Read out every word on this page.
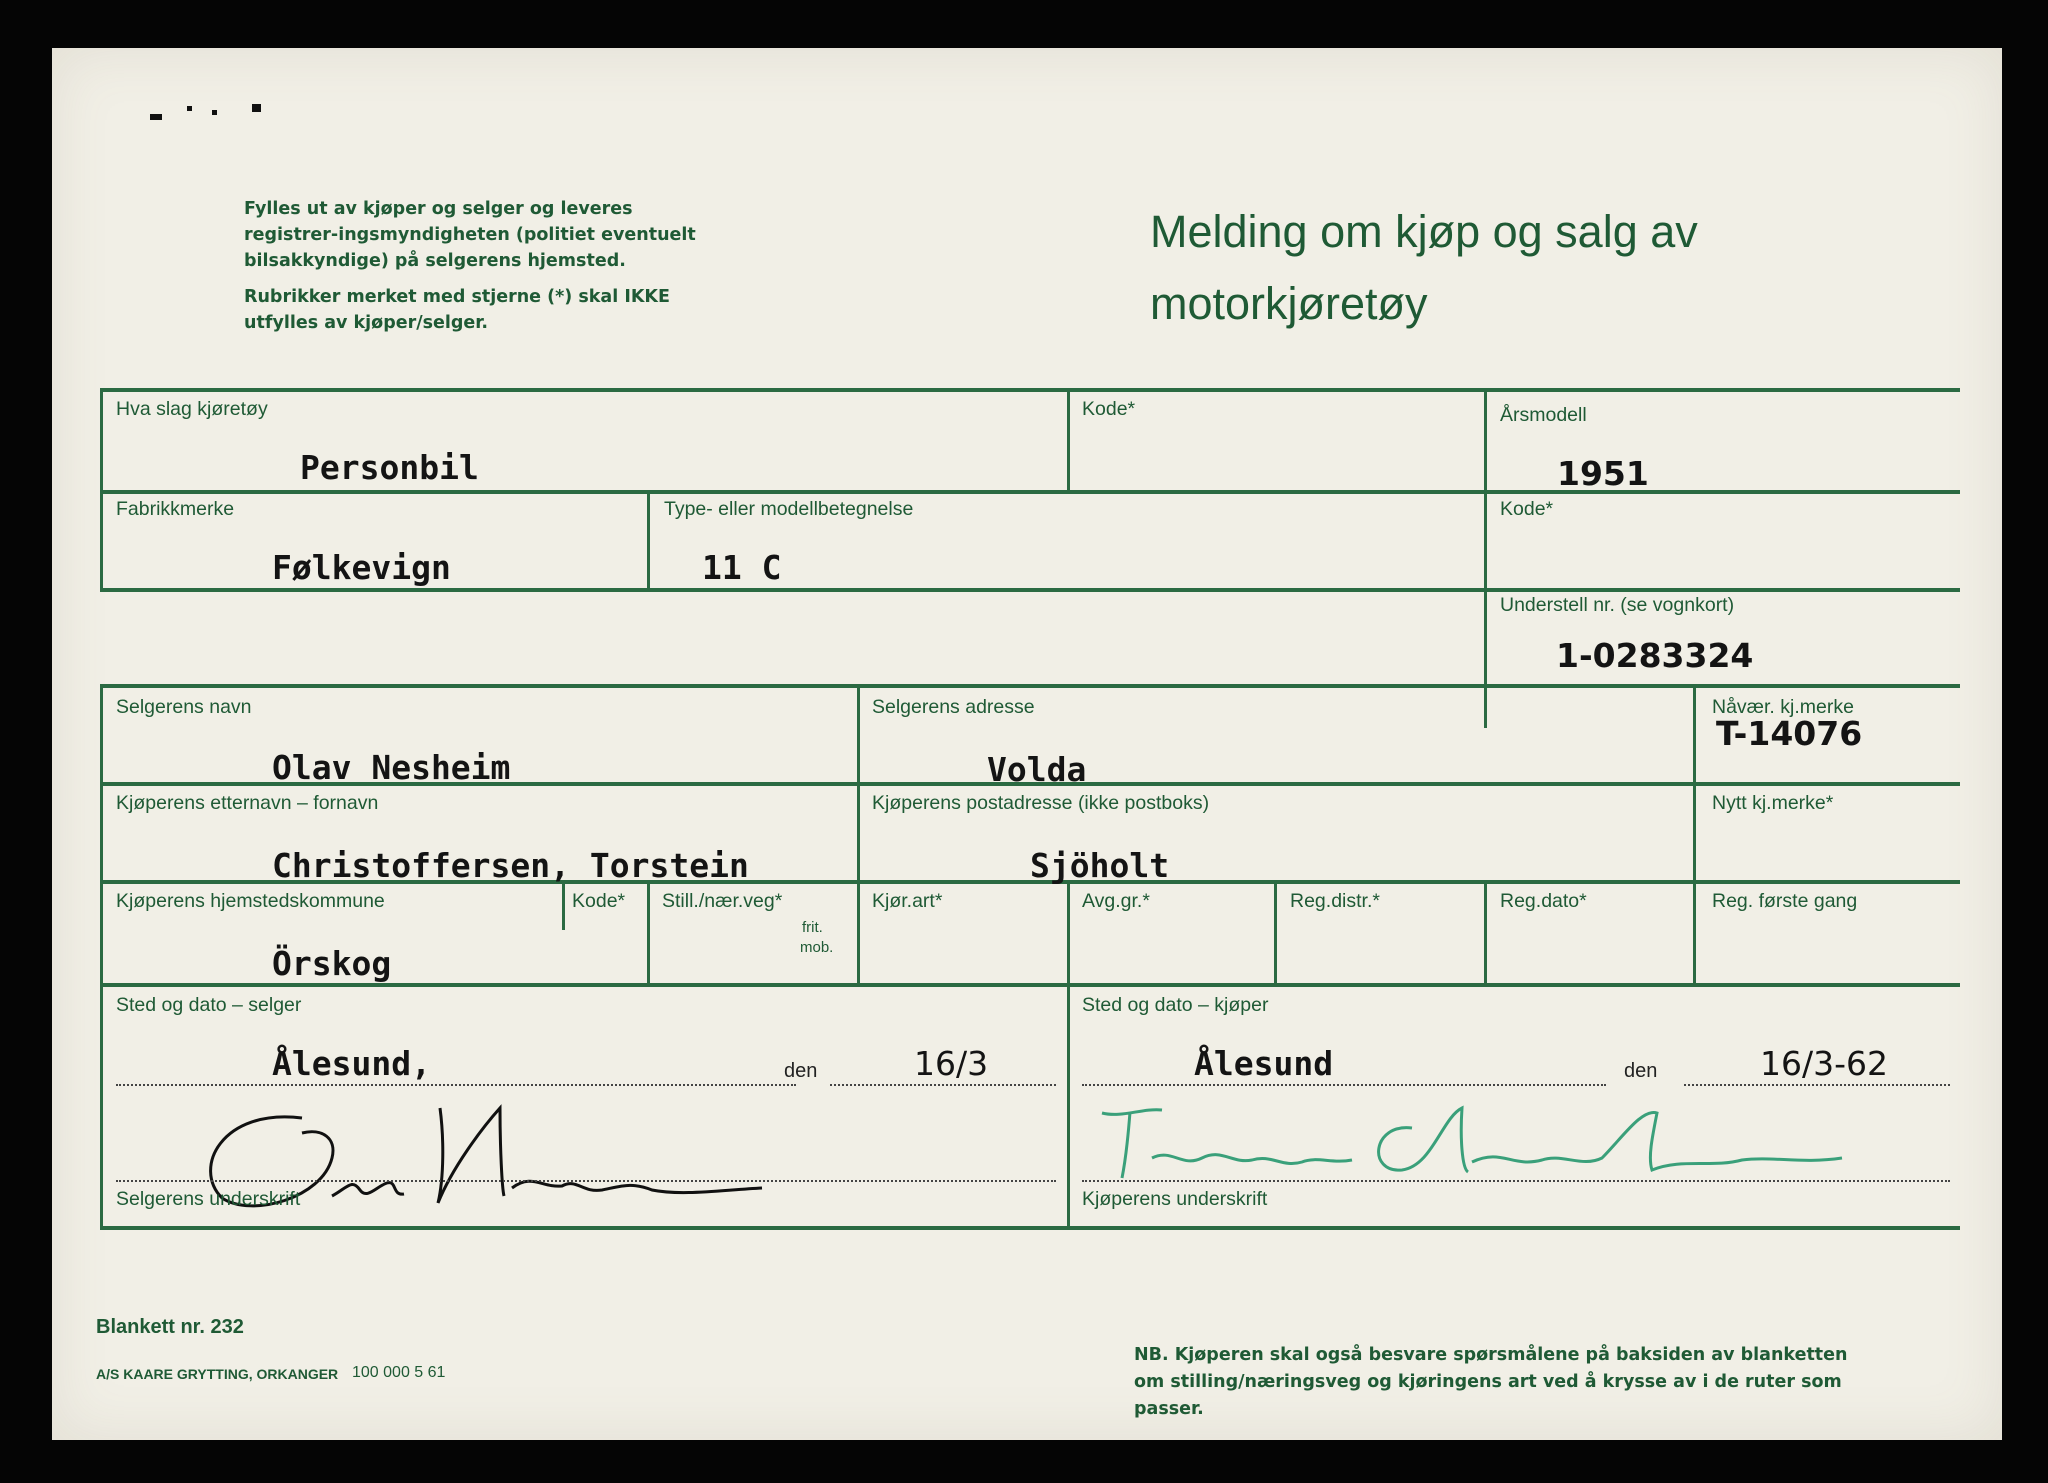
Fylles ut av kjøper og selger og leveres registrer-ingsmyndigheten (politiet eventuelt bilsakkyndige) på selgerens hjemsted.

Rubrikker merket med stjerne (*) skal IKKE utfylles av kjøper/selger.

Melding om kjøp og salg av
motorkjøretøy
Hva slag kjøretøy
Personbil
Kode*	Årsmodell
1951
Fabrikkmerke
Følkevign
Type- eller modellbetegnelse
11 C
Kode*
Understell nr. (se vognkort)
1-0283324
Selgerens navn
Olav Nesheim
Selgerens adresse
Volda
Nåvær. kj.merke
T-14076
Kjøperens etternavn – fornavn
Christoffersen, Torstein
Kjøperens postadresse (ikke postboks)
Sjöholt
Nytt kj.merke*
Kjøperens hjemstedskommune
Örskog
Kode* Still./nær.veg*
frit.
mob.
Kjør.art*	Avg.gr.*	Reg.distr.*	Reg.dato*	Reg. første gang
Sted og dato – selger
Ålesund,	den	16/3
Sted og dato – kjøper
Ålesund	den	16/3-62
Selgerens underskrift	Kjøperens underskrift
Blankett nr. 232
A/S KAARE GRYTTING, ORKANGER 100 000 5 61
NB. Kjøperen skal også besvare spørsmålene på baksiden av blanketten om stilling/næringsveg og kjøringens art ved å krysse av i de ruter som passer.
